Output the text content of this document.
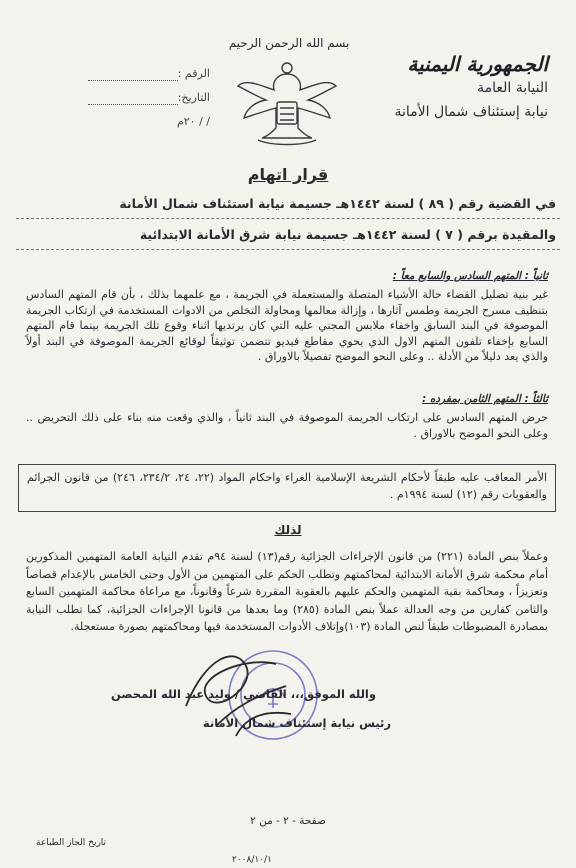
الجمهورية اليمنية
النيابة العامة
نيابة إستئناف شمال الأمانة
بسم الله الرحمن الرحيم
الرقم :
التاريخ:
/ / ٢٠م
قرار اتهام
في القضية رقم ( ٨٩ ) لسنة ١٤٤٢هـ جسيمة نيابة استئناف شمال الأمانة
والمقيدة برقم ( ٧ ) لسنة ١٤٤٢هـ جسيمة نيابة شرق الأمانة الابتدائية
ثانياً : المتهم السادس والسابع معاً :
غير بنية تضليل القضاء حالة الأشياء المتصلة والمستعملة في الجريمة ، مع علمهما بذلك ، بأن قام المتهم السادس بتنظيف مسرح الجريمة وطمس آثارها ، وإزالة معالمها ومحاولة التخلص من الادوات المستخدمة في ارتكاب الجريمة الموصوفة في البند السابق واخفاء ملابس المجني عليه التي كان يرتديها اثناء وقوع تلك الجريمة بينما قام المتهم السابع بإخفاء تلفون المتهم الاول الذي يحوي مقاطع فيديو تتضمن توثيقاً لوقائع الجريمة الموصوفة في البند أولاً والذي يعد دليلاً من الأدلة .. وعلى النحو الموضح تفصيلاً بالاوراق .
ثالثاً : المتهم الثامن بمفرده :
حرض المتهم السادس على ارتكاب الجريمة الموصوفة في البند ثانياً ، والذي وقعت منه بناء على ذلك التحريض .. وعلى النحو الموضح بالاوراق .
الأمر المعاقب عليه طبقاً لأحكام الشريعة الإسلامية الغراء واحكام المواد (٢٢، ٢٤، ٢٣٤/٢، ٢٤٦) من قانون الجرائم والعقوبات رقم (١٢) لسنة ١٩٩٤م .
لذلك
وعملاً بنص المادة (٢٢١) من قانون الإجراءات الجزائية رقم(١٣) لسنة ٩٤م تقدم النيابة العامة المتهمين المذكورين أمام محكمة شرق الأمانة الابتدائية لمحاكمتهم وتطلب الحكم على المتهمين من الأول وحتى الخامس بالإعدام قصاصاً وتعزيزاً ، ومحاكمة بقية المتهمين والحكم عليهم بالعقوبة المقررة شرعاً وقانوناً، مع مراعاة محاكمة المتهمين السابع والثامن كفارين من وجه العدالة عملاً بنص المادة (٢٨٥) وما بعدها من قانونا الإجراءات الجزائية، كما تطلب النيابة بمصادرة المضبوطات طبقاً لنص المادة (١٠٣)وإتلاف الأدوات المستخدمة فيها ومحاكمتهم بصورة مستعجلة.
والله الموفق،،، القاضي / وليد عبد الله المحصن
رئيس نيابة إستئناف شمال الأمانة
صفحة - ٢ - من ٢
تاريخ الجاز الطباعة
٢٠٠٨/١٠/١
